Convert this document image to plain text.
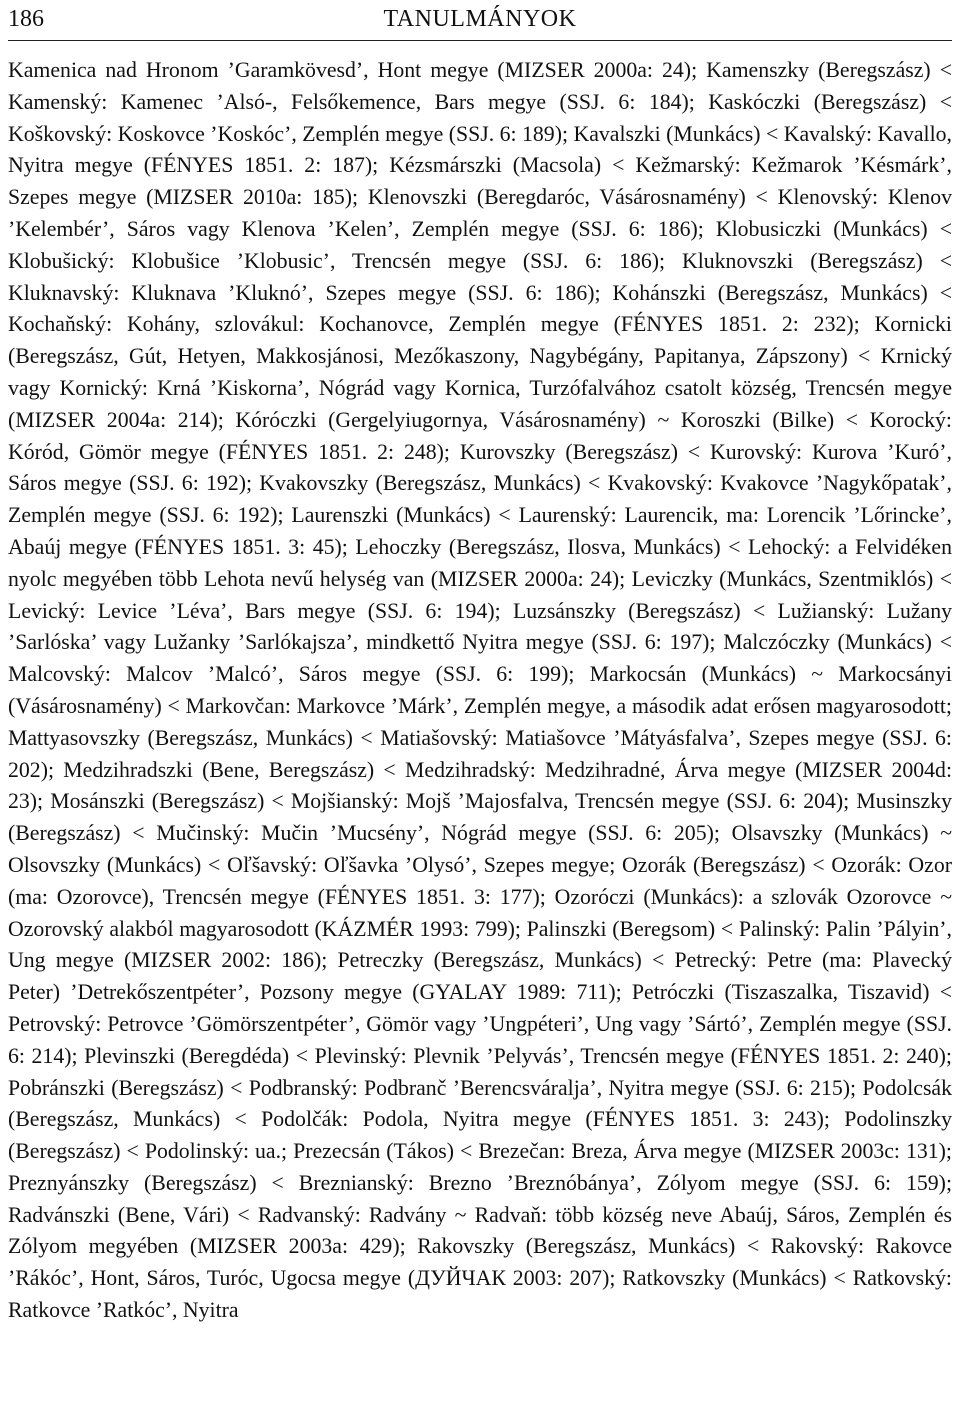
186	TANULMÁNYOK

Kamenica nad Hronom ’Garamkövesd’, Hont megye (MIZSER 2000a: 24); Kamenszky (Beregszász) < Kamenský: Kamenec ’Alsó-, Felsőkemence, Bars megye (SSJ. 6: 184); Kaskóczki (Beregszász) < Koškovský: Koskovce ’Koskóc’, Zemplén megye (SSJ. 6: 189); Kavalszki (Munkács) < Kavalský: Kavallo, Nyitra megye (FÉNYES 1851. 2: 187); Kézsmárszki (Macsola) < Kežmarský: Kežmarok ’Késmárk’, Szepes megye (MIZSER 2010a: 185); Klenovszki (Beregdaróc, Vásárosnamény) < Klenovský: Klenov ’Kelembér’, Sáros vagy Klenova ’Kelen’, Zemplén megye (SSJ. 6: 186); Klobusiczki (Munkács) < Klobušický: Klobušice ’Klobusic’, Trencsén megye (SSJ. 6: 186); Kluknovszki (Beregszász) < Kluknavský: Kluknava ’Kluknó’, Szepes megye (SSJ. 6: 186); Kohánszki (Beregszász, Munkács) < Kochaňský: Kohány, szlovákul: Kochanovce, Zemplén megye (FÉNYES 1851. 2: 232); Kornicki (Beregszász, Gút, Hetyen, Makkosjánosi, Mezőkaszony, Nagybégány, Papitanya, Zápszony) < Krnický vagy Kornický: Krná ’Kiskorna’, Nógrád vagy Kornica, Turzófalvához csatolt község, Trencsén megye (MIZSER 2004a: 214); Kóróczki (Gergelyiugornya, Vásárosnamény) ~ Koroszki (Bilke) < Korocký: Kóród, Gömör megye (FÉNYES 1851. 2: 248); Kurovszky (Beregszász) < Kurovský: Kurova ’Kuró’, Sáros megye (SSJ. 6: 192); Kvakovszky (Beregszász, Munkács) < Kvakovský: Kvakovce ’Nagykőpatak’, Zemplén megye (SSJ. 6: 192); Laurenszki (Munkács) < Laurenský: Laurencik, ma: Lorencik ’Lőrincke’, Abaúj megye (FÉNYES 1851. 3: 45); Lehoczky (Beregszász, Ilosva, Munkács) < Lehocký: a Felvidéken nyolc megyében több Lehota nevű helység van (MIZSER 2000a: 24); Leviczky (Munkács, Szentmiklós) < Levický: Levice ’Léva’, Bars megye (SSJ. 6: 194); Luzsánszky (Beregszász) < Lužianský: Lužany ’Sarlóska’ vagy Lužanky ’Sarlókajsza’, mindkettő Nyitra megye (SSJ. 6: 197); Malczóczky (Munkács) < Malcovský: Malcov ’Malcó’, Sáros megye (SSJ. 6: 199); Markocsán (Munkács) ~ Markocsányi (Vásárosnamény) < Markovčan: Markovce ’Márk’, Zemplén megye, a második adat erősen magyarosodott; Mattyasovszky (Beregszász, Munkács) < Matiašovský: Matiašovce ’Mátyásfalva’, Szepes megye (SSJ. 6: 202); Medzihradszki (Bene, Beregszász) < Medzihradský: Medzihradné, Árva megye (MIZSER 2004d: 23); Mosánszki (Beregszász) < Mojšianský: Mojš ’Majosfalva, Trencsén megye (SSJ. 6: 204); Musinszky (Beregszász) < Mučinský: Mučin ’Mucsény’, Nógrád megye (SSJ. 6: 205); Olsavszky (Munkács) ~ Olsovszky (Munkács) < Oľšavský: Oľšavka ’Olysó’, Szepes megye; Ozorák (Beregszász) < Ozorák: Ozor (ma: Ozorovce), Trencsén megye (FÉNYES 1851. 3: 177); Ozoróczi (Munkács): a szlovák Ozorovce ~ Ozorovský alakból magyarosodott (KÁZMÉR 1993: 799); Palinszki (Beregsom) < Palinský: Palin ’Pályin’, Ung megye (MIZSER 2002: 186); Petreczky (Beregszász, Munkács) < Petrecký: Petre (ma: Plavecký Peter) ’Detrekőszentpéter’, Pozsony megye (GYALAY 1989: 711); Petróczki (Tiszaszalka, Tiszavid) < Petrovský: Petrovce ’Gömörszentpéter’, Gömör vagy ’Ungpéteri’, Ung vagy ’Sártó’, Zemplén megye (SSJ. 6: 214); Plevinszki (Beregdéda) < Plevinský: Plevnik ’Pelyvás’, Trencsén megye (FÉNYES 1851. 2: 240); Pobránszki (Beregszász) < Podbranský: Podbranč ’Berencsváralja’, Nyitra megye (SSJ. 6: 215); Podolcsák (Beregszász, Munkács) < Podolčák: Podola, Nyitra megye (FÉNYES 1851. 3: 243); Podolinszky (Beregszász) < Podolinský: ua.; Prezecsán (Tákos) < Brezečan: Breza, Árva megye (MIZSER 2003c: 131); Preznyánszky (Beregszász) < Breznianský: Brezno ’Breznóbánya’, Zólyom megye (SSJ. 6: 159); Radvánszki (Bene, Vári) < Radvanský: Radvány ~ Radvaň: több község neve Abaúj, Sáros, Zemplén és Zólyom megyében (MIZSER 2003a: 429); Rakovszky (Beregszász, Munkács) < Rakovský: Rakovce ’Rákóc’, Hont, Sáros, Turóc, Ugocsa megye (ДУЙЧАК 2003: 207); Ratkovszky (Munkács) < Ratkovský: Ratkovce ’Ratkóc’, Nyitra
